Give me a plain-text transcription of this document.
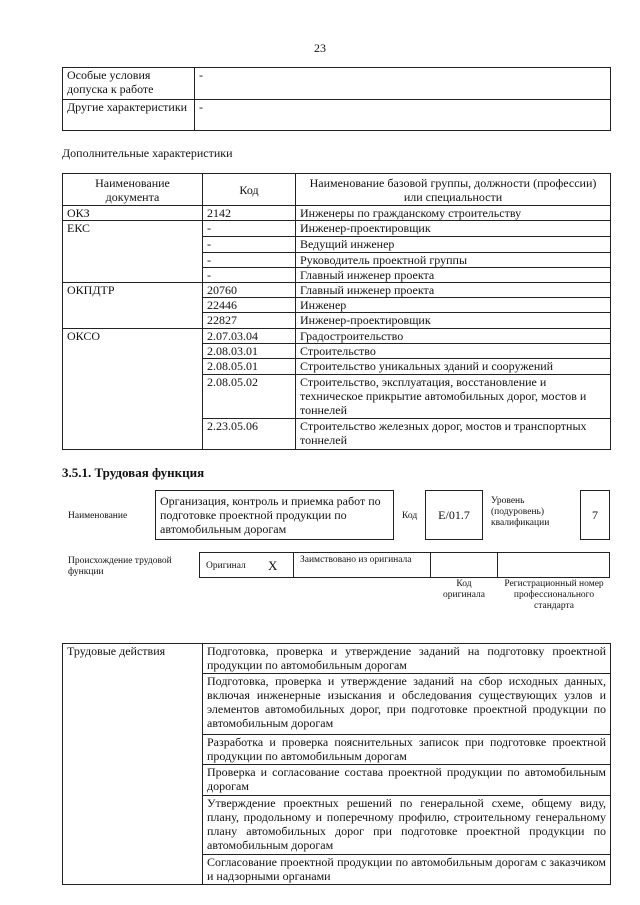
23
Особые условия допуска к работе	-
Другие характеристики	-
Дополнительные характеристики
Наименование документа	Код	Наименование базовой группы, должности (профессии) или специальности
ОКЗ	2142	Инженеры по гражданскому строительству
ЕКС	-	Инженер-проектировщик
	-	Ведущий инженер
	-	Руководитель проектной группы
	-	Главный инженер проекта
ОКПДТР	20760	Главный инженер проекта
	22446	Инженер
	22827	Инженер-проектировщик
ОКСО	2.07.03.04	Градостроительство
	2.08.03.01	Строительство
	2.08.05.01	Строительство уникальных зданий и сооружений
	2.08.05.02	Строительство, эксплуатация, восстановление и техническое прикрытие автомобильных дорог, мостов и тоннелей
	2.23.05.06	Строительство железных дорог, мостов и транспортных тоннелей
3.5.1. Трудовая функция
Наименование
Организация, контроль и приемка работ по подготовке проектной продукции по автомобильным дорогам
Код	E/01.7
Уровень (подуровень) квалификации
7
Происхождение трудовой функции
Оригинал X Заимствовано из оригинала
Код оригинала
Регистрационный номер профессионального стандарта
Трудовые действия	Подготовка, проверка и утверждение заданий на подготовку проектной продукции по автомобильным дорогам
Подготовка, проверка и утверждение заданий на сбор исходных данных, включая инженерные изыскания и обследования существующих узлов и элементов автомобильных дорог, при подготовке проектной продукции по автомобильным дорогам
Разработка и проверка пояснительных записок при подготовке проектной продукции по автомобильным дорогам
Проверка и согласование состава проектной продукции по автомобильным дорогам
Утверждение проектных решений по генеральной схеме, общему виду, плану, продольному и поперечному профилю, строительному генеральному плану автомобильных дорог при подготовке проектной продукции по автомобильным дорогам
Согласование проектной продукции по автомобильным дорогам с заказчиком и надзорными органами
